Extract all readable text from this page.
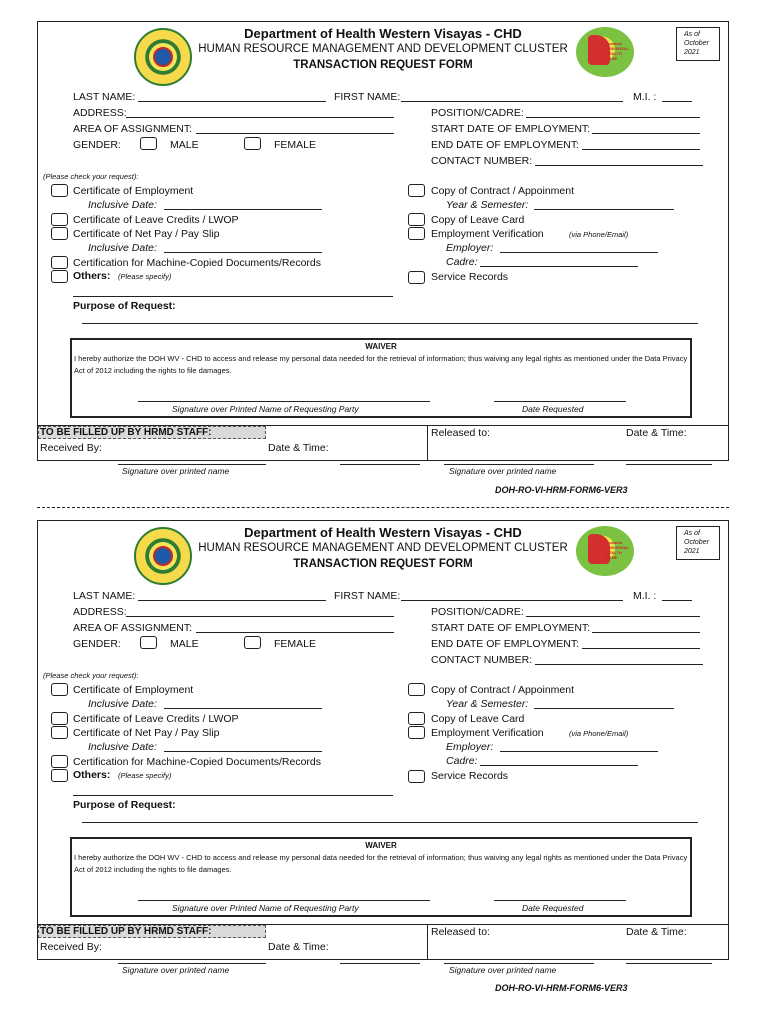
Department of Health Western Visayas - CHD
HUMAN RESOURCE MANAGEMENT AND DEVELOPMENT CLUSTER
TRANSACTION REQUEST FORM
Towards UNIVERSAL HEALTH CARE
As of October 2021
LAST NAME:	FIRST NAME:	M.I. :
ADDRESS:	POSITION/CADRE:
AREA OF ASSIGNMENT:	START DATE OF EMPLOYMENT:
GENDER:	MALE	FEMALE	END DATE OF EMPLOYMENT:
CONTACT NUMBER:
(Please check your request):
Certificate of Employment
Inclusive Date:
Certificate of Leave Credits / LWOP
Certificate of Net Pay / Pay Slip
Inclusive Date:
Certification for Machine-Copied Documents/Records
Others: (Please specify)
Copy of Contract / Appoinment
Year & Semester:
Copy of Leave Card
Employment Verification	(via Phone/Email)
Employer:
Cadre:
Service Records
Purpose of Request:
WAIVER
I hereby authorize the DOH WV - CHD to access and release my personal data needed for the retrieval of information; thus waiving any legal rights as mentioned under the Data Privacy Act of 2012 including the rights to file damages.
Signature over Printed Name of Requesting Party	Date Requested
TO BE FILLED UP BY HRMD STAFF:
Received By:	Date & Time:
Signature over printed name
Released to:	Date & Time:
Signature over printed name
DOH-RO-VI-HRM-FORM6-VER3
Department of Health Western Visayas - CHD
HUMAN RESOURCE MANAGEMENT AND DEVELOPMENT CLUSTER
TRANSACTION REQUEST FORM
Towards UNIVERSAL HEALTH CARE
As of October 2021
LAST NAME:	FIRST NAME:	M.I. :
ADDRESS:	POSITION/CADRE:
AREA OF ASSIGNMENT:	START DATE OF EMPLOYMENT:
GENDER:	MALE	FEMALE	END DATE OF EMPLOYMENT:
CONTACT NUMBER:
(Please check your request):
Certificate of Employment
Inclusive Date:
Certificate of Leave Credits / LWOP
Certificate of Net Pay / Pay Slip
Inclusive Date:
Certification for Machine-Copied Documents/Records
Others: (Please specify)
Copy of Contract / Appoinment
Year & Semester:
Copy of Leave Card
Employment Verification	(via Phone/Email)
Employer:
Cadre:
Service Records
Purpose of Request:
WAIVER
I hereby authorize the DOH WV - CHD to access and release my personal data needed for the retrieval of information; thus waiving any legal rights as mentioned under the Data Privacy Act of 2012 including the rights to file damages.
Signature over Printed Name of Requesting Party	Date Requested
TO BE FILLED UP BY HRMD STAFF:
Received By:	Date & Time:
Signature over printed name
Released to:	Date & Time:
Signature over printed name
DOH-RO-VI-HRM-FORM6-VER3
